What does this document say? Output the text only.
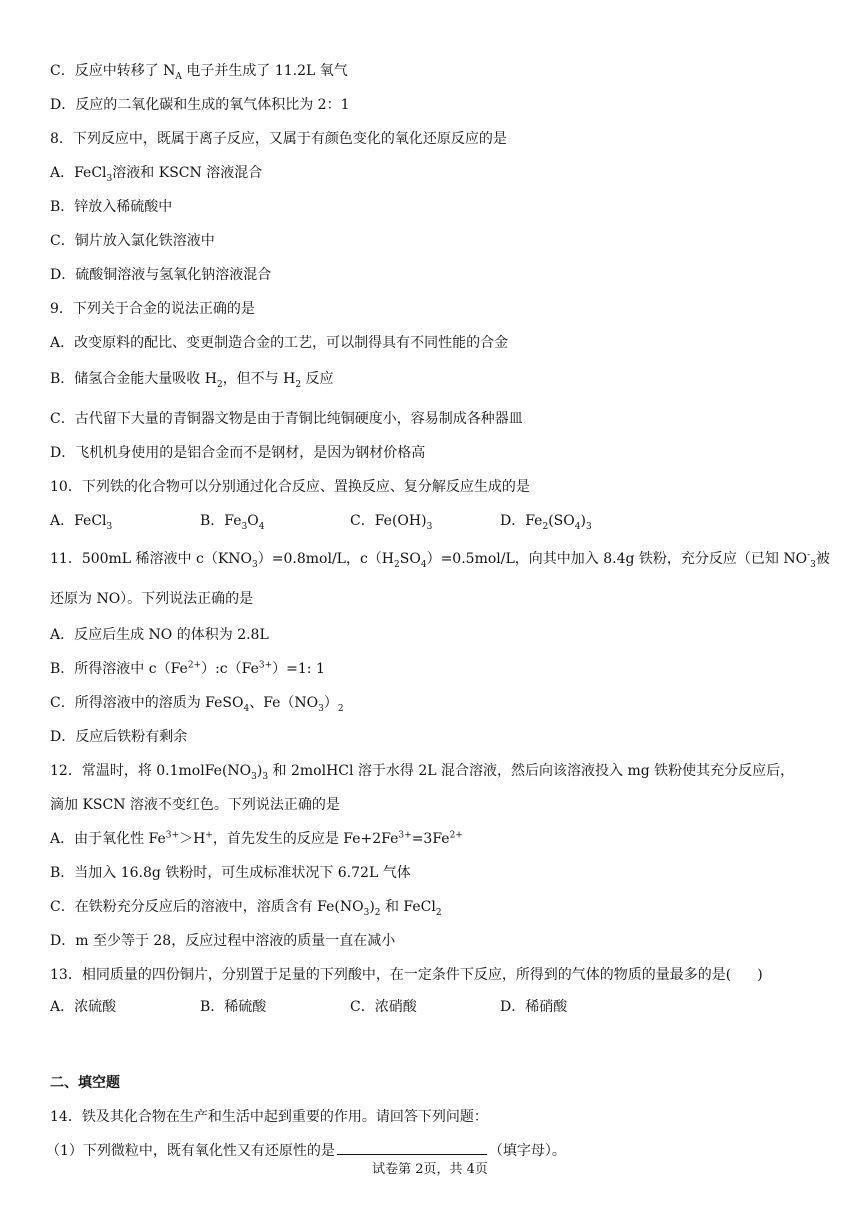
C．反应中转移了 $N_A$ 电子并生成了 11.2L 氧气
D．反应的二氧化碳和生成的氧气体积比为 2：1
8．下列反应中，既属于离子反应，又属于有颜色变化的氧化还原反应的是
A．FeCl$_3$溶液和 KSCN 溶液混合
B．锌放入稀硫酸中
C．铜片放入氯化铁溶液中
D．硫酸铜溶液与氢氧化钠溶液混合
9．下列关于合金的说法正确的是
A．改变原料的配比、变更制造合金的工艺，可以制得具有不同性能的合金
B．储氢合金能大量吸收 $H_2$，但不与 $H_2$ 反应
C．古代留下大量的青铜器文物是由于青铜比纯铜硬度小，容易制成各种器皿
D．飞机机身使用的是铝合金而不是钢材，是因为钢材价格高
10．下列铁的化合物可以分别通过化合反应、置换反应、复分解反应生成的是
A．FeCl$_3$	B．$Fe_3O_4$	C．$Fe(OH)_3$	D．$Fe_2(SO_4)_3$
11．500mL 稀溶液中 $c(KNO_3)=0.8mol/L$，$c(H_2SO_4)=0.5mol/L$，向其中加入 8.4g 铁粉，充分反应（已知 $NO^-_3$被
还原为 NO）。下列说法正确的是
A．反应后生成 NO 的体积为 2.8L
B．所得溶液中 $c(Fe^{2+}):c(Fe^{3+})=1$: 1
C．所得溶液中的溶质为 FeSO$_4$、$Fe(NO_3)_2$
D．反应后铁粉有剩余
12．常温时，将 $0.1molFe(NO_3)_3$ 和 2molHCl 溶于水得 2L 混合溶液，然后向该溶液投入 mg 铁粉使其充分反应后，
滴加 KSCN 溶液不变红色。下列说法正确的是
A．由于氧化性 $Fe^{3+}>H^+$，首先发生的反应是 $Fe+2Fe^{3+}=3Fe^{2+}$
B．当加入 16.8g 铁粉时，可生成标准状况下 6.72L 气体
C．在铁粉充分反应后的溶液中，溶质含有 $Fe(NO_3)_2$ 和 FeCl$_2$
D．m 至少等于 28，反应过程中溶液的质量一直在减小
13．相同质量的四份铜片，分别置于足量的下列酸中，在一定条件下反应，所得到的气体的物质的量最多的是( )
A．浓硫酸	B．稀硫酸	C．浓硝酸	D．稀硝酸
二、填空题
14．铁及其化合物在生产和生活中起到重要的作用。请回答下列问题：
（1）下列微粒中，既有氧化性又有还原性的是	（填字母）。
试卷第 2页，共 4页
